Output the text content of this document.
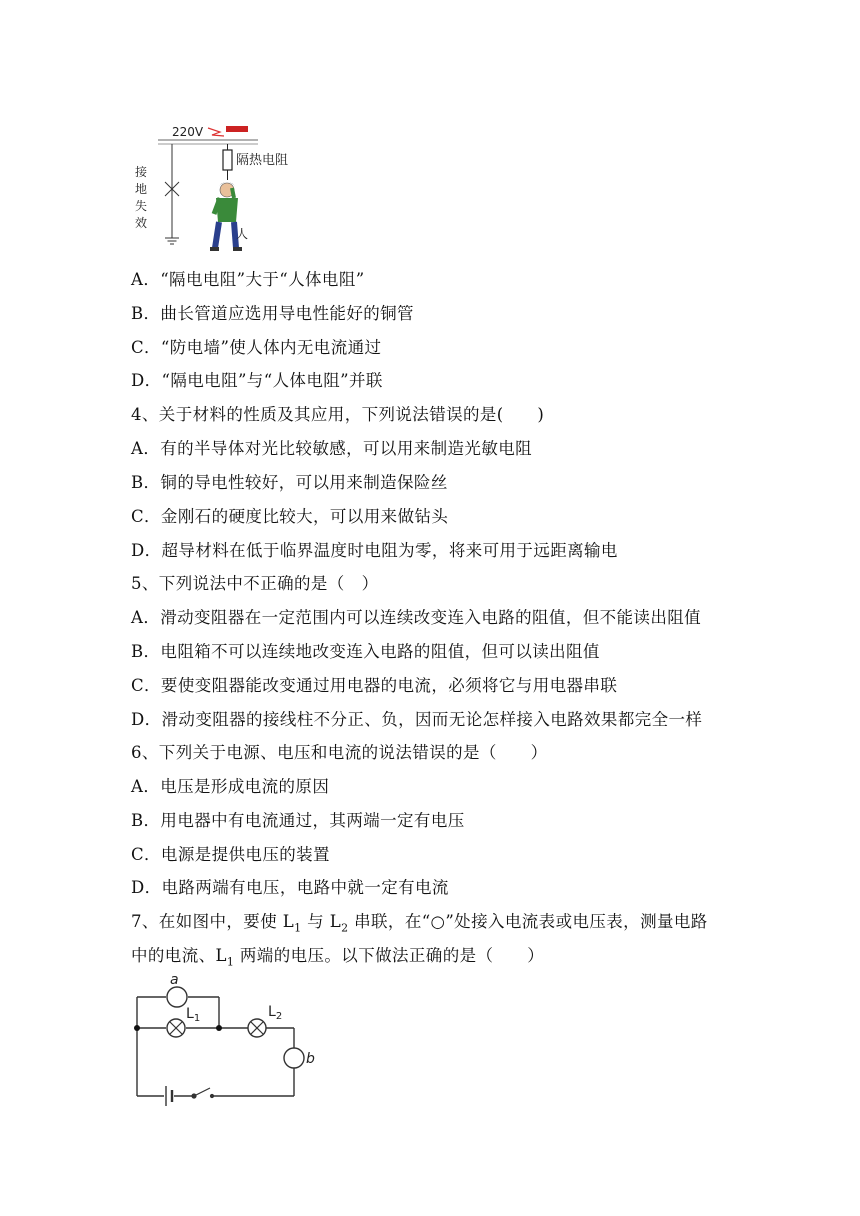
220V
隔热电阻
接
地
失
效
人
A．“隔电电阻”大于“人体电阻”
B．曲长管道应选用导电性能好的铜管
C．“防电墙”使人体内无电流通过
D．“隔电电阻”与“人体电阻”并联
4、关于材料的性质及其应用，下列说法错误的是(　　)
A．有的半导体对光比较敏感，可以用来制造光敏电阻
B．铜的导电性较好，可以用来制造保险丝
C．金刚石的硬度比较大，可以用来做钻头
D．超导材料在低于临界温度时电阻为零，将来可用于远距离输电
5、下列说法中不正确的是（　）
A．滑动变阻器在一定范围内可以连续改变连入电路的阻值，但不能读出阻值
B．电阻箱不可以连续地改变连入电路的阻值，但可以读出阻值
C．要使变阻器能改变通过用电器的电流，必须将它与用电器串联
D．滑动变阻器的接线柱不分正、负，因而无论怎样接入电路效果都完全一样
6、下列关于电源、电压和电流的说法错误的是（　　）
A．电压是形成电流的原因
B．用电器中有电流通过，其两端一定有电压
C．电源是提供电压的装置
D．电路两端有电压，电路中就一定有电流
7、在如图中，要使 $L_1$ 与 $L_2$ 串联，在“○”处接入电流表或电压表，测量电路
中的电流、$L_1$ 两端的电压。以下做法正确的是（　　）
a
$L_1$	$L_2$
b
